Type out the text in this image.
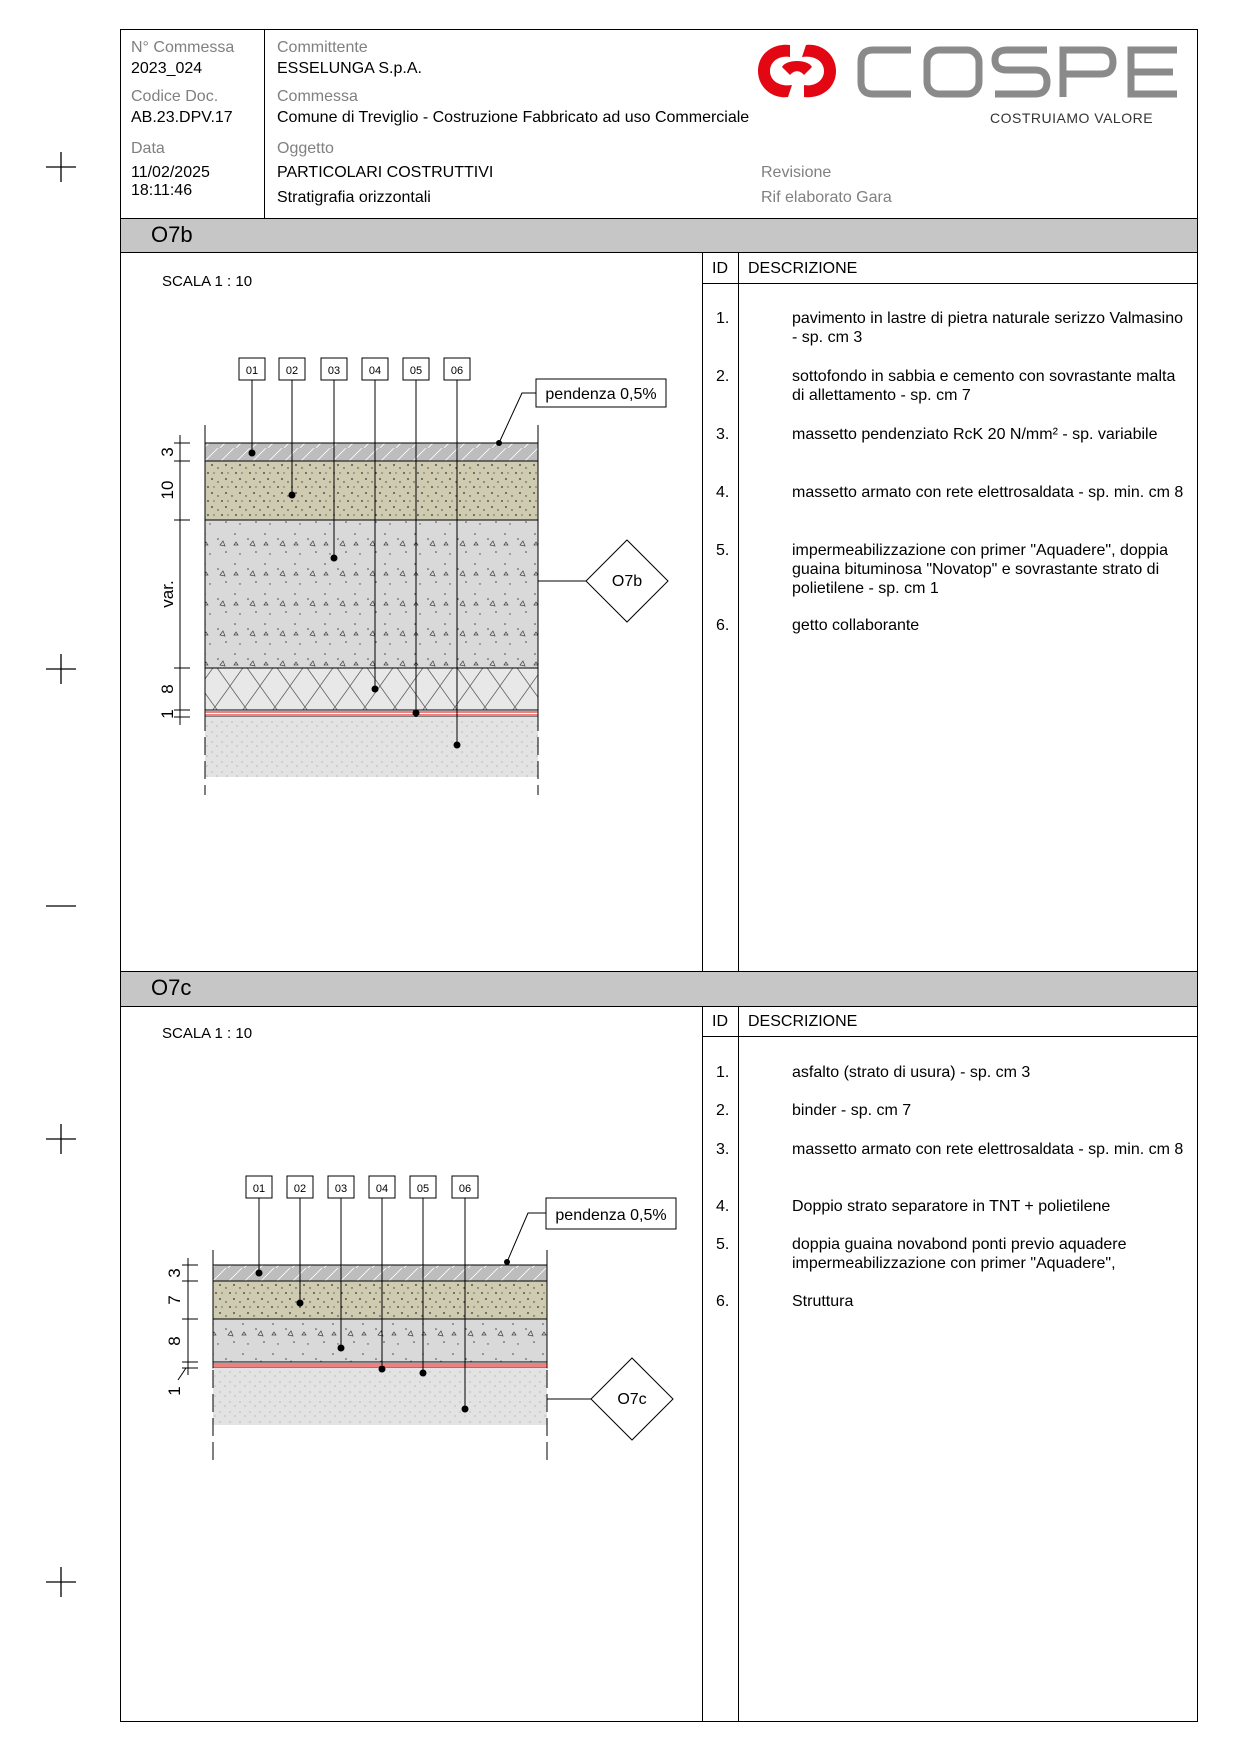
N° Commessa
2023_024
Codice Doc.
AB.23.DPV.17
Data
11/02/2025
18:11:46
Committente
ESSELUNGA S.p.A.
Commessa
Comune di Treviglio - Costruzione Fabbricato ad uso Commerciale
Oggetto
PARTICOLARI COSTRUTTIVI
Stratigrafia orizzontali
Revisione
Rif elaborato Gara
COSTRUIAMO VALORE
O7b
ID DESCRIZIONE
SCALA 1 : 10
1.	pavimento in lastre di pietra naturale serizzo Valmasino - sp. cm 3
2.	sottofondo in sabbia e cemento con sovrastante malta di allettamento - sp. cm 7
3.	massetto pendenziato RcK 20 N/mm² - sp. variabile
4.	massetto armato con rete elettrosaldata - sp. min. cm 8
5.	impermeabilizzazione con primer "Aquadere", doppia guaina bituminosa "Novatop" e sovrastante strato di polietilene - sp. cm 1
6.	getto collaborante
01	02	03	04	05	06
pendenza 0,5%
O7b
3
10
var.
8
1
O7c
ID DESCRIZIONE
SCALA 1 : 10
1.	asfalto (strato di usura) - sp. cm 3
2.	binder - sp. cm 7
3.	massetto armato con rete elettrosaldata - sp. min. cm 8
4.	Doppio strato separatore in TNT + polietilene
5.	doppia guaina novabond ponti previo aquadere impermeabilizzazione con primer "Aquadere",
6.	Struttura
01	02	03	04	05	06
pendenza 0,5%
O7c
3
7
8
1
